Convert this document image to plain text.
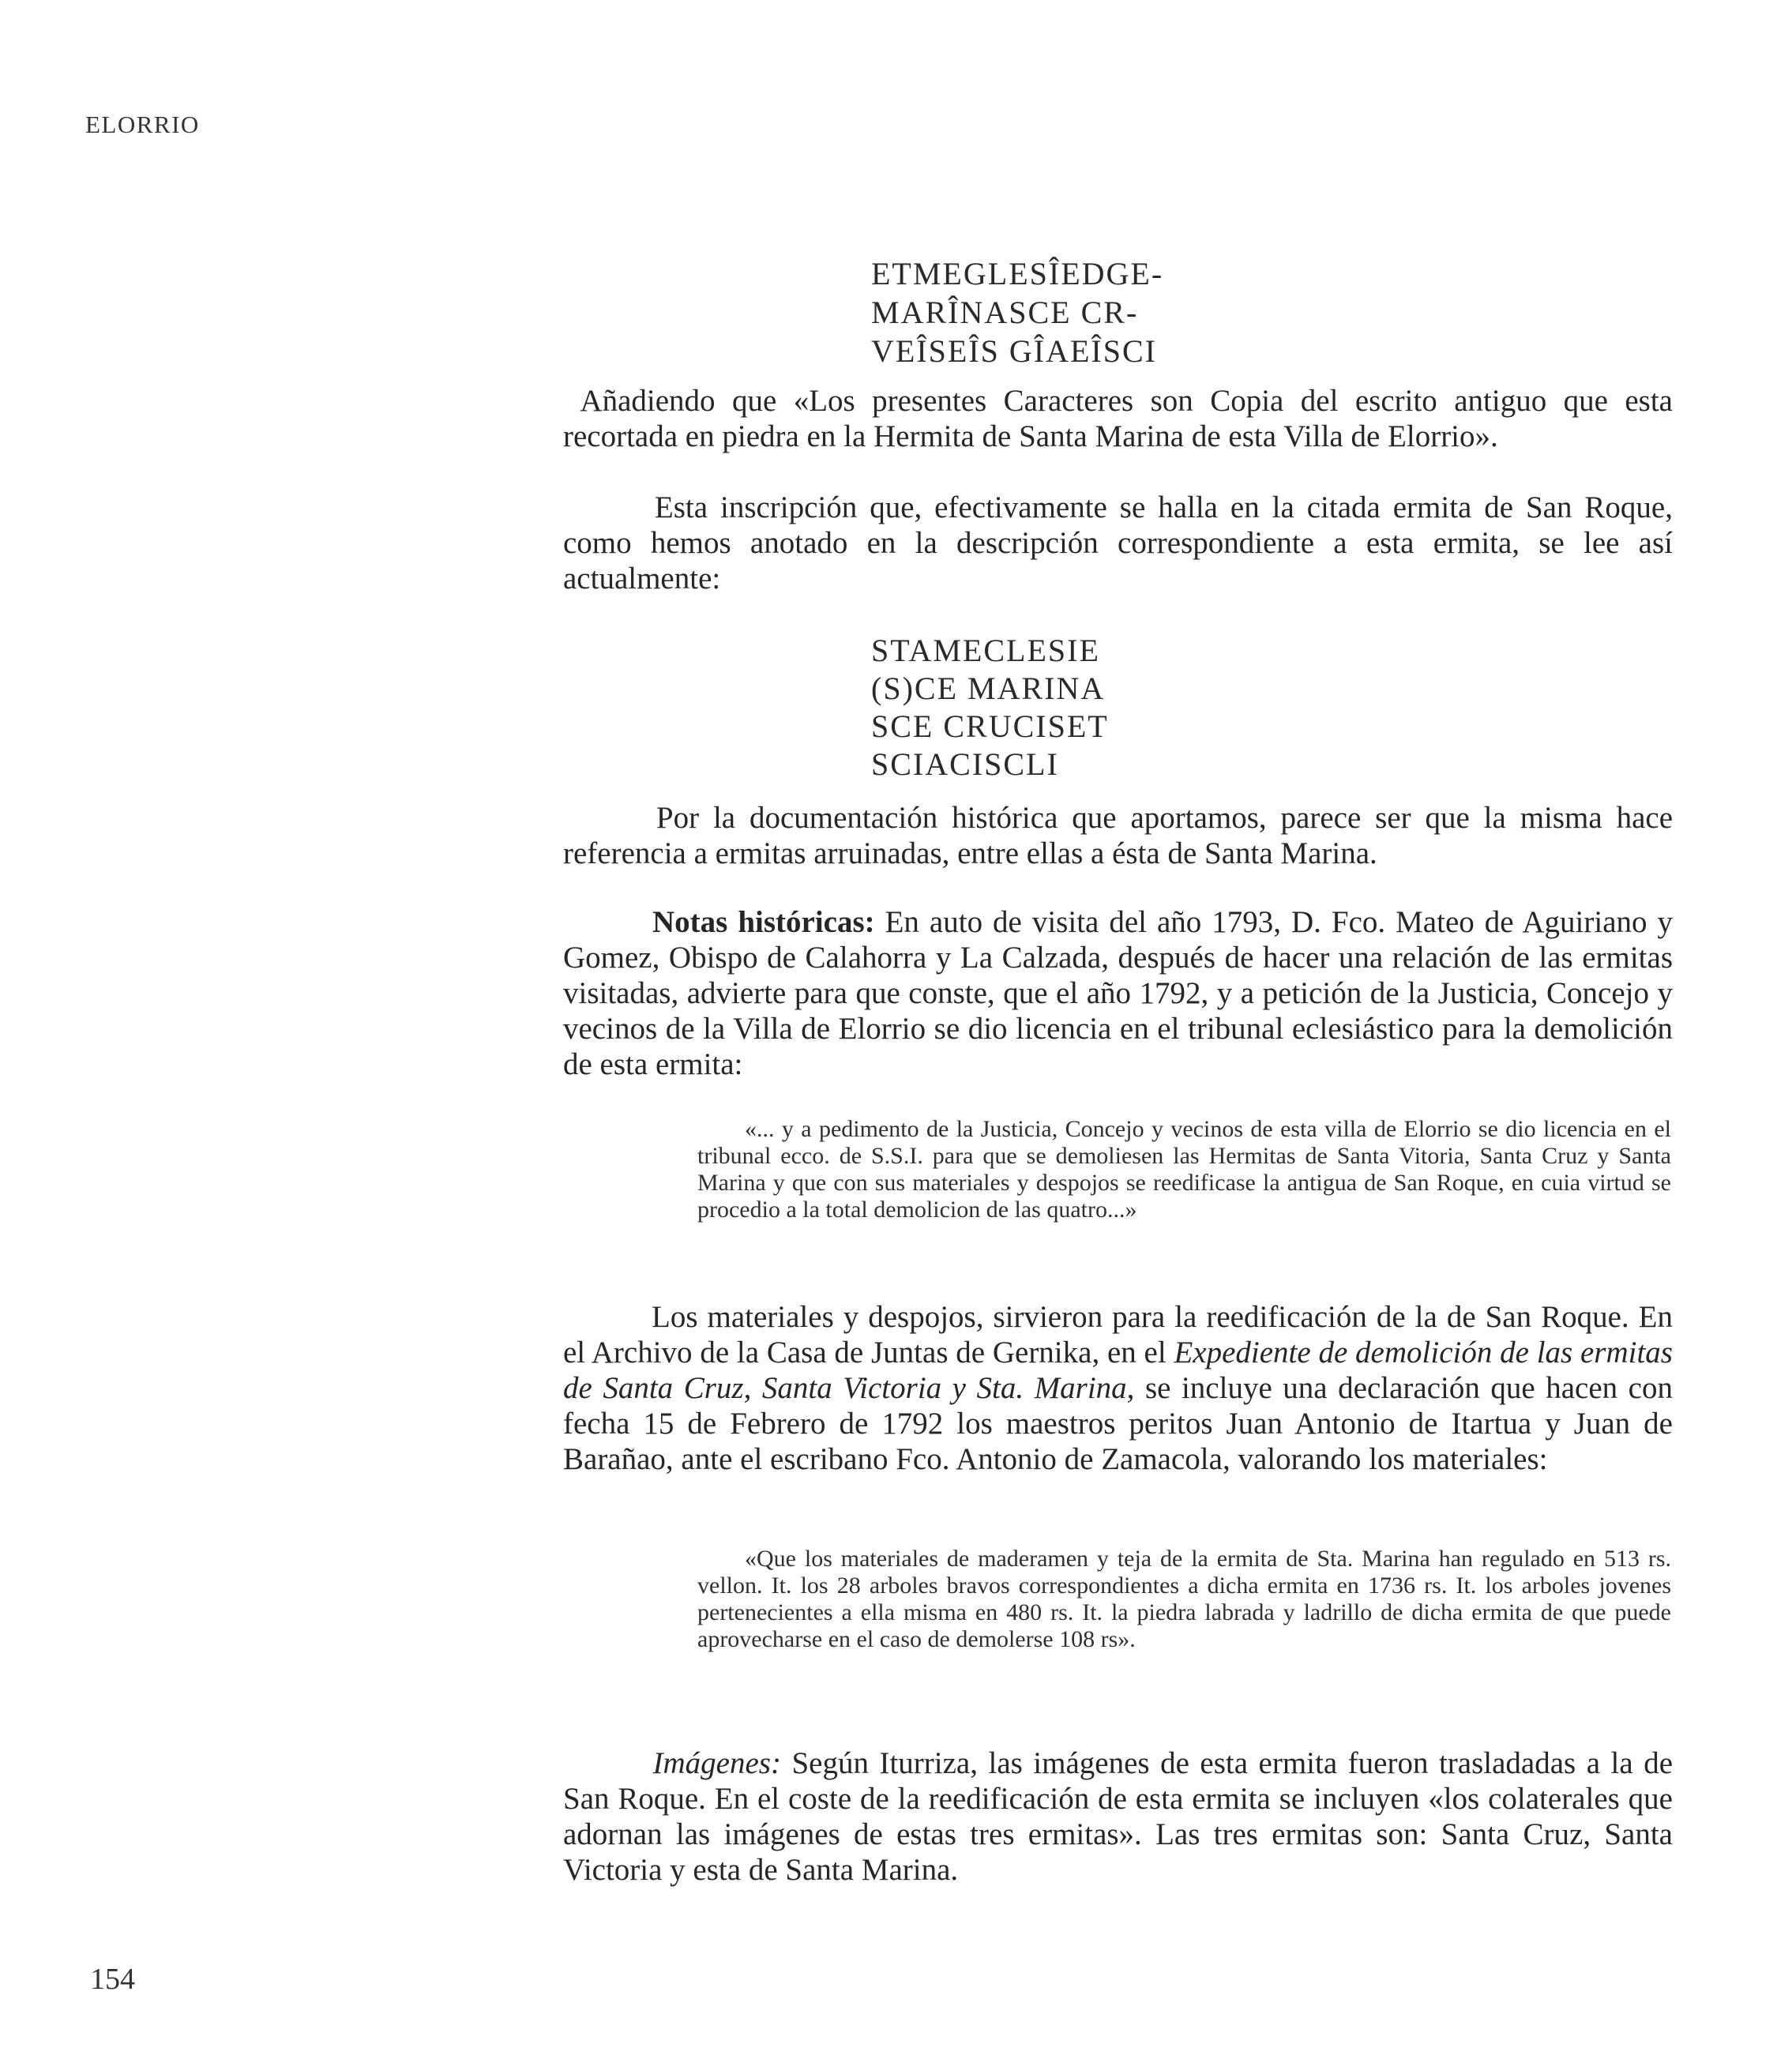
ELORRIO
ETMEGLESÎEDGE-
MARÎNASCE CR-
VEÎSEÎS GÎAEÎSCI

Añadiendo que «Los presentes Caracteres son Copia del escrito antiguo que esta recortada en piedra en la Hermita de Santa Marina de esta Villa de Elorrio».

Esta inscripción que, efectivamente se halla en la citada ermita de San Roque, como hemos anotado en la descripción correspondiente a esta ermita, se lee así actualmente:

STAMECLESIE
(S)CE MARINA
SCE CRUCISET
SCIACISCLI

Por la documentación histórica que aportamos, parece ser que la misma hace referencia a ermitas arruinadas, entre ellas a ésta de Santa Marina.

Notas históricas: En auto de visita del año 1793, D. Fco. Mateo de Aguiriano y Gomez, Obispo de Calahorra y La Calzada, después de hacer una relación de las ermitas visitadas, advierte para que conste, que el año 1792, y a petición de la Justicia, Concejo y vecinos de la Villa de Elorrio se dio licencia en el tribunal eclesiástico para la demolición de esta ermita:

«... y a pedimento de la Justicia, Concejo y vecinos de esta villa de Elorrio se dio licencia en el tribunal ecco. de S.S.I. para que se demoliesen las Hermitas de Santa Vitoria, Santa Cruz y Santa Marina y que con sus materiales y despojos se reedificase la antigua de San Roque, en cuia virtud se procedio a la total demolicion de las quatro...»

Los materiales y despojos, sirvieron para la reedificación de la de San Roque. En el Archivo de la Casa de Juntas de Gernika, en el Expediente de demolición de las ermitas de Santa Cruz, Santa Victoria y Sta. Marina, se incluye una declaración que hacen con fecha 15 de Febrero de 1792 los maestros peritos Juan Antonio de Itartua y Juan de Barañao, ante el escribano Fco. Antonio de Zamacola, valorando los materiales:

«Que los materiales de maderamen y teja de la ermita de Sta. Marina han regulado en 513 rs. vellon. It. los 28 arboles bravos correspondientes a dicha ermita en 1736 rs. It. los arboles jovenes pertenecientes a ella misma en 480 rs. It. la piedra labrada y ladrillo de dicha ermita de que puede aprovecharse en el caso de demolerse 108 rs».

Imágenes: Según Iturriza, las imágenes de esta ermita fueron trasladadas a la de San Roque. En el coste de la reedificación de esta ermita se incluyen «los colaterales que adornan las imágenes de estas tres ermitas». Las tres ermitas son: Santa Cruz, Santa Victoria y esta de Santa Marina.

154
